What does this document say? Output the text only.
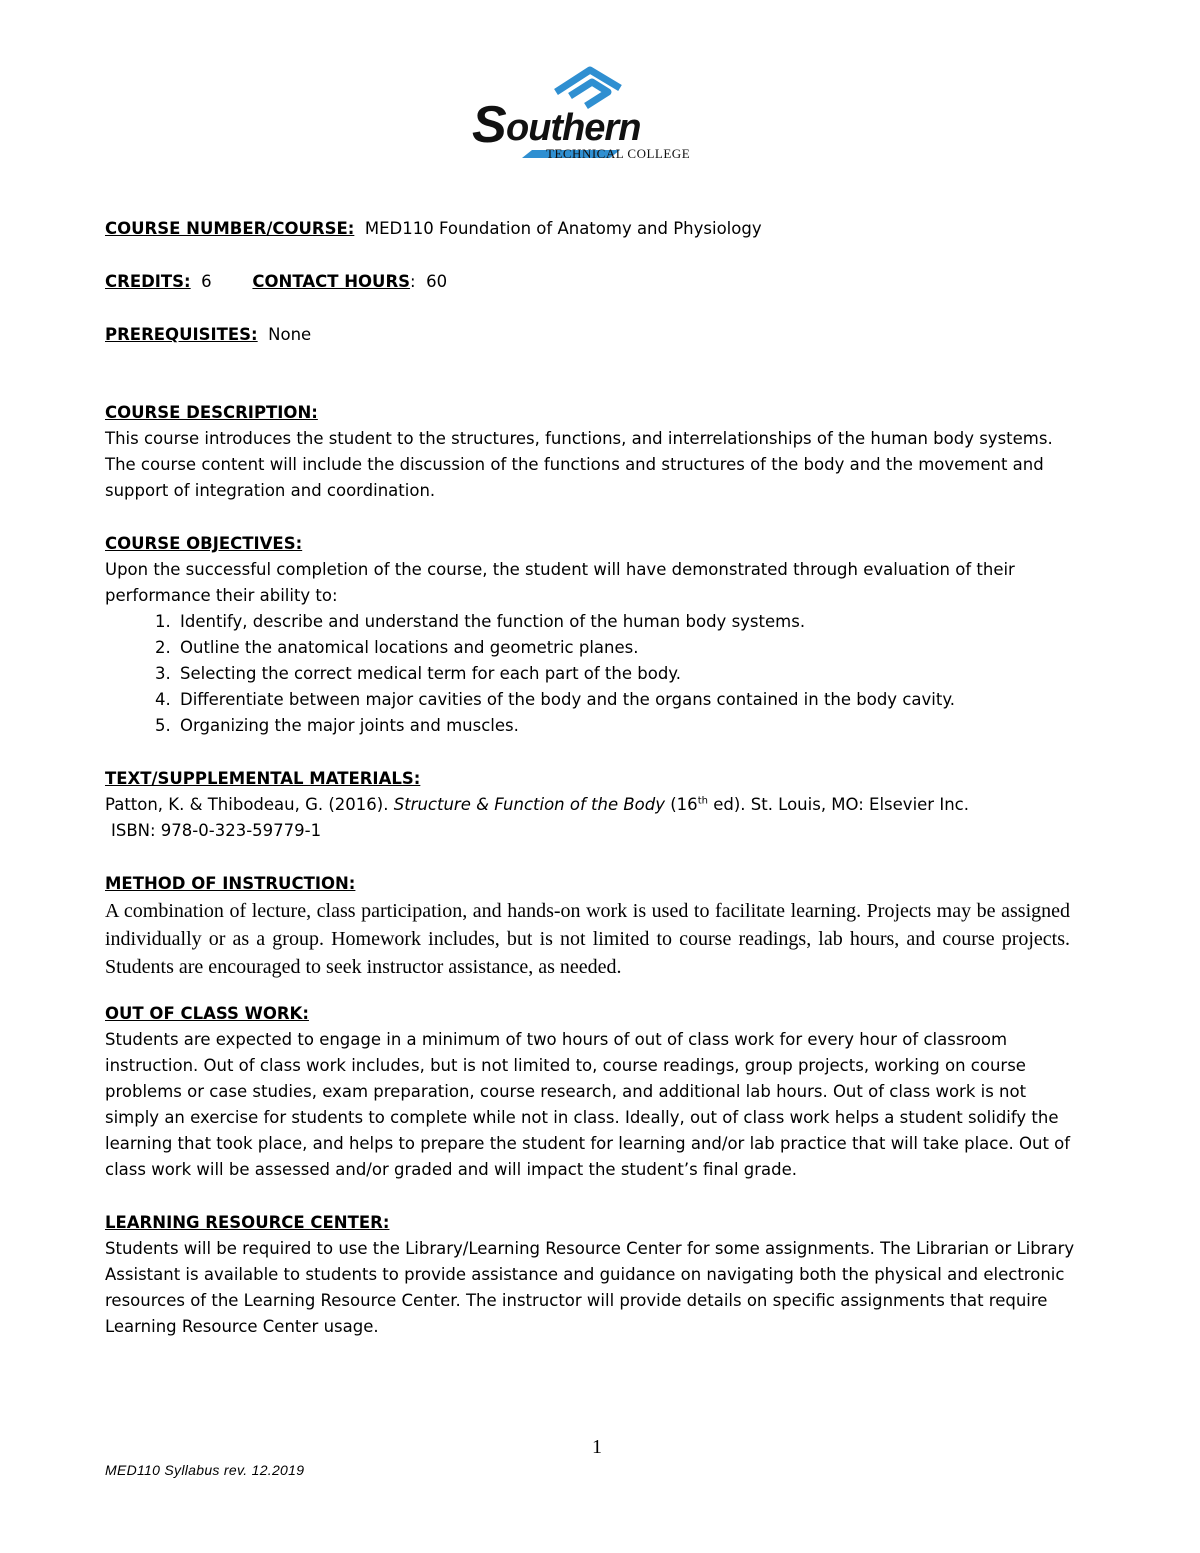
S outhern
TECHNICAL COLLEGE

COURSE NUMBER/COURSE: MED110 Foundation of Anatomy and Physiology

CREDITS: 6 CONTACT HOURS: 60

PREREQUISITES: None

COURSE DESCRIPTION:

This course introduces the student to the structures, functions, and interrelationships of the human body systems. The course content will include the discussion of the functions and structures of the body and the movement and support of integration and coordination.

COURSE OBJECTIVES:

Upon the successful completion of the course, the student will have demonstrated through evaluation of their performance their ability to:

1. Identify, describe and understand the function of the human body systems.
2. Outline the anatomical locations and geometric planes.
3. Selecting the correct medical term for each part of the body.
4. Differentiate between major cavities of the body and the organs contained in the body cavity.
5. Organizing the major joints and muscles.

TEXT/SUPPLEMENTAL MATERIALS:

Patton, K. & Thibodeau, G. (2016). Structure & Function of the Body (16th ed). St. Louis, MO: Elsevier Inc.

ISBN: 978-0-323-59779-1

METHOD OF INSTRUCTION:

A combination of lecture, class participation, and hands-on work is used to facilitate learning. Projects may be assigned individually or as a group. Homework includes, but is not limited to course readings, lab hours, and course projects. Students are encouraged to seek instructor assistance, as needed.

OUT OF CLASS WORK:

Students are expected to engage in a minimum of two hours of out of class work for every hour of classroom instruction. Out of class work includes, but is not limited to, course readings, group projects, working on course problems or case studies, exam preparation, course research, and additional lab hours. Out of class work is not simply an exercise for students to complete while not in class. Ideally, out of class work helps a student solidify the learning that took place, and helps to prepare the student for learning and/or lab practice that will take place. Out of class work will be assessed and/or graded and will impact the student’s final grade.

LEARNING RESOURCE CENTER:

Students will be required to use the Library/Learning Resource Center for some assignments. The Librarian or Library Assistant is available to students to provide assistance and guidance on navigating both the physical and electronic resources of the Learning Resource Center. The instructor will provide details on specific assignments that require Learning Resource Center usage.

1
MED110 Syllabus rev. 12.2019
